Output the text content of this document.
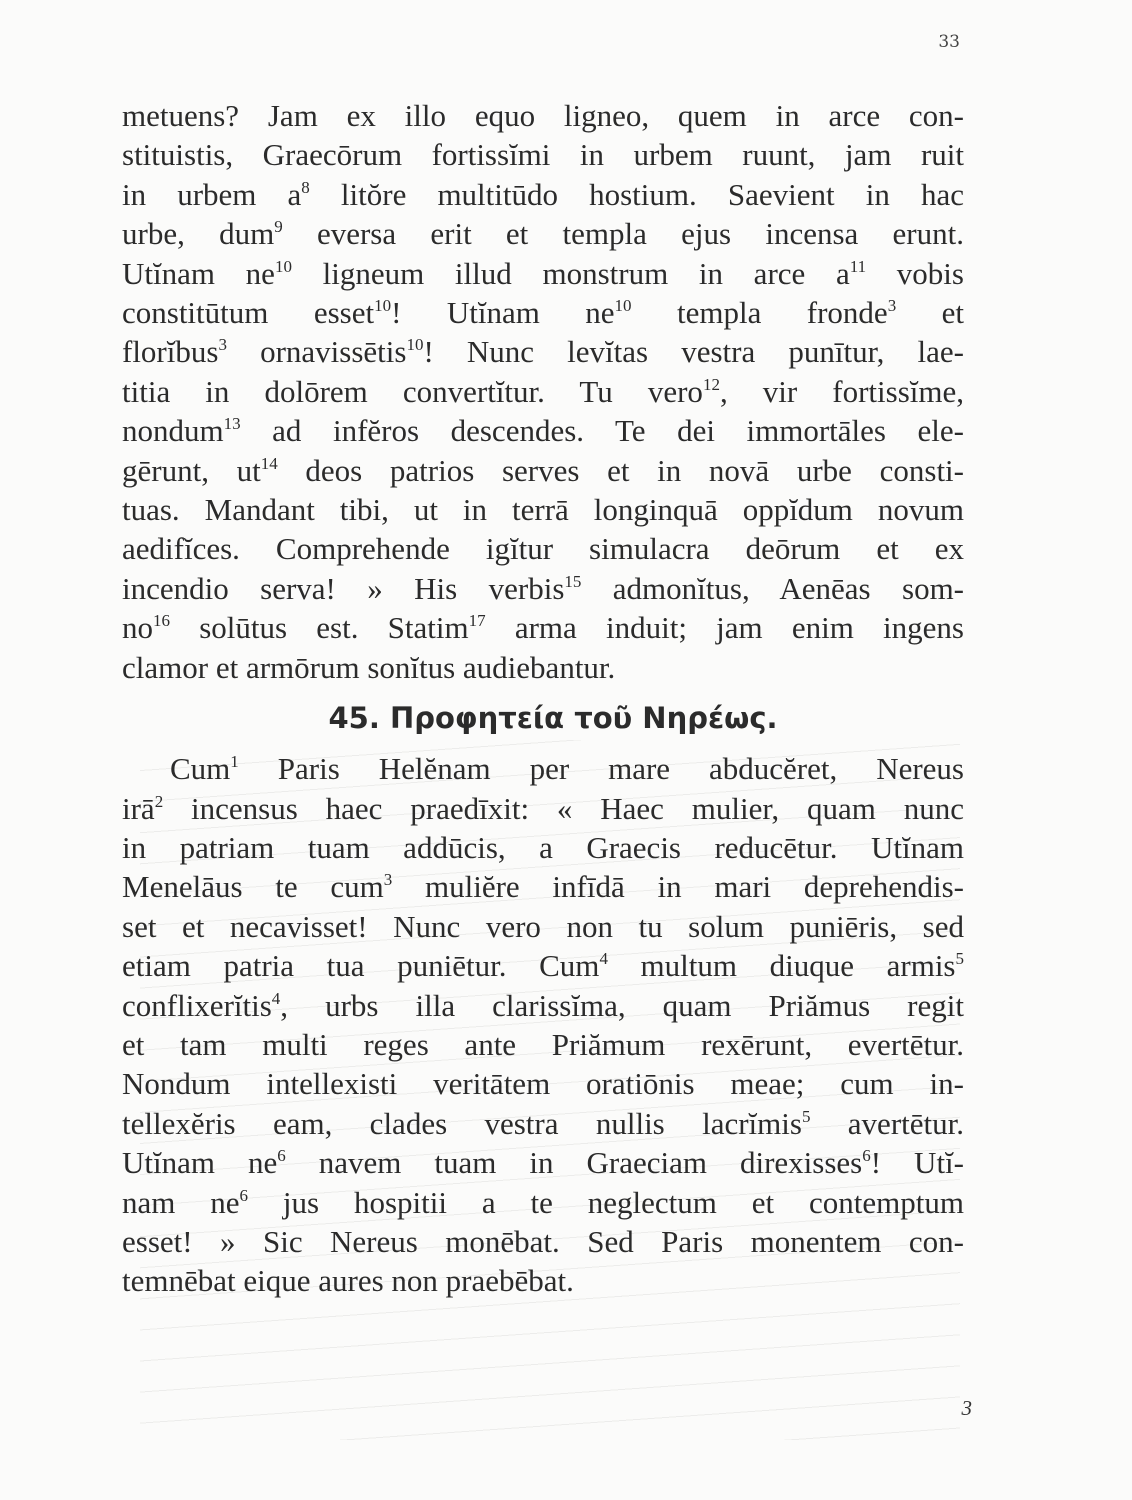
33
metuens? Jam ex illo equo ligneo, quem in arce con-
stituistis, Graecōrum fortissĭmi in urbem ruunt, jam ruit
in urbem $a^8$ litŏre multitūdo hostium. Saevient in hac
urbe, dum$^9$ eversa erit et templa ejus incensa erunt.
Utĭnam $ne^{10}$ ligneum illud monstrum in arce $a^{11}$ vobis
constitūtum esset$^{10}$! Utĭnam $ne^{10}$ templa fronde$^3$ et
florĭbus$^3$ ornavissētis$^{10}$! Nunc levĭtas vestra punītur, lae-
titia in dolōrem convertĭtur. Tu vero$^{12}$, vir fortissĭme,
nondum$^{13}$ ad infĕros descendes. Te dei immortāles ele-
gērunt, $ut^{14}$ deos patrios serves et in novā urbe consti-
tuas. Mandant tibi, ut in terrā longinquā oppĭdum novum
aedifĭces. Comprehende igĭtur simulacra deōrum et ex
incendio serva! » His verbis$^{15}$ admonĭtus, Aenēas som-
$no^{16}$ solūtus est. Statim$^{17}$ arma induit; jam enim ingens
clamor et armōrum sonĭtus audiebantur.
45. Προφητεία τοῦ Νηρέως.
Cum$^1$ Paris Helĕnam per mare abducĕret, Nereus
irā$^2$ incensus haec praedīxit: « Haec mulier, quam nunc
in patriam tuam addūcis, a Graecis reducētur. Utĭnam
Menelāus te cum$^3$ muliĕre infīdā in mari deprehendis-
set et necavisset! Nunc vero non tu solum puniēris, sed
etiam patria tua puniētur. Cum$^4$ multum diuque armis$^5$
conflixerĭtis$^4$, urbs illa clarissĭma, quam Priămus regit
et tam multi reges ante Priămum rexērunt, evertētur.
Nondum intellexisti veritātem oratiōnis meae; cum in-
tellexĕris eam, clades vestra nullis lacrĭmis$^5$ avertētur.
Utĭnam $ne^6$ navem tuam in Graeciam direxisses$^6$! Utĭ-
nam $ne^6$ jus hospitii a te neglectum et contemptum
esset! » Sic Nereus monēbat. Sed Paris monentem con-
temnēbat eique aures non praebēbat.
3
